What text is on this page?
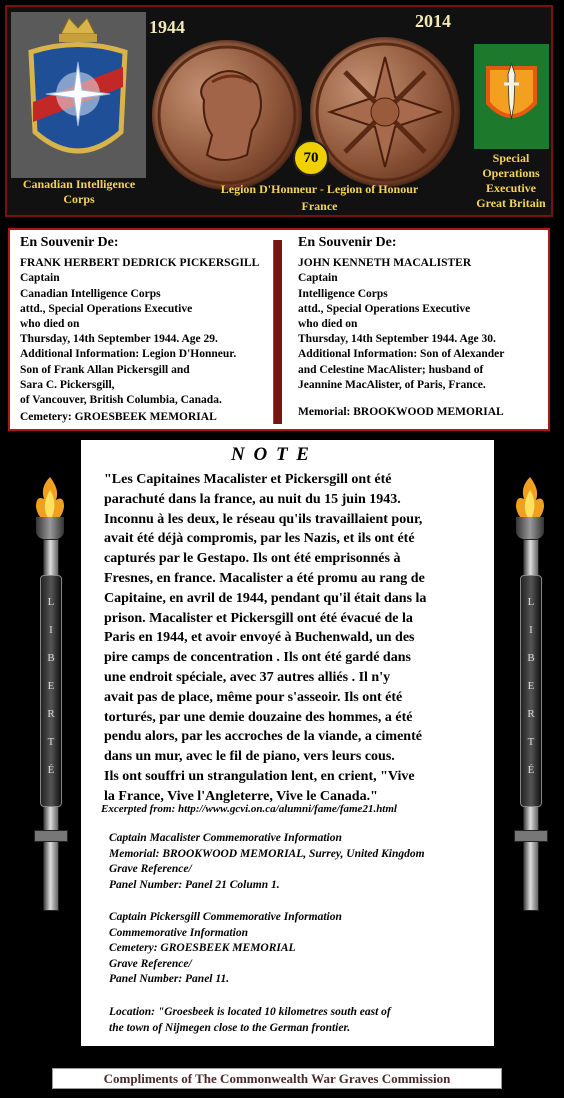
Canadian Intelligence Corps
1944	2014
70
Legion D'Honneur - Legion of Honour
France
Special
Operations
Executive
Great Britain
En Souvenir De:
FRANK HERBERT DEDRICK PICKERSGILL
Captain
Canadian Intelligence Corps
attd., Special Operations Executive
who died on
Thursday, 14th September 1944. Age 29.
Additional Information: Legion D'Honneur.
Son of Frank Allan Pickersgill and
Sara C. Pickersgill,
of Vancouver, British Columbia, Canada.
Cemetery: GROESBEEK MEMORIAL
En Souvenir De:
JOHN KENNETH MACALISTER
Captain
Intelligence Corps
attd., Special Operations Executive
who died on
Thursday, 14th September 1944. Age 30.
Additional Information: Son of Alexander
and Celestine MacAlister; husband of
Jeannine MacAlister, of Paris, France.
Memorial: BROOKWOOD MEMORIAL
L
I
B
E
R
T
É
L
I
B
E
R
T
É
N O T E
"Les Capitaines Macalister et Pickersgill ont été
parachuté dans la france, au nuit du 15 juin 1943.
Inconnu à les deux, le réseau qu'ils travaillaient pour,
avait été déjà compromis, par les Nazis, et ils ont été
capturés par le Gestapo. Ils ont été emprisonnés à
Fresnes, en france. Macalister a été promu au rang de
Capitaine, en avril de 1944, pendant qu'il était dans la
prison. Macalister et Pickersgill ont été évacué de la
Paris en 1944, et avoir envoyé à Buchenwald, un des
pire camps de concentration . Ils ont été gardé dans
une endroit spéciale, avec 37 autres alliés . Il n'y
avait pas de place, même pour s'asseoir. Ils ont été
torturés, par une demie douzaine des hommes, a été
pendu alors, par les accroches de la viande, a cimenté
dans un mur, avec le fil de piano, vers leurs cous.
Ils ont souffri un strangulation lent, en crient, "Vive
la France, Vive l'Angleterre, Vive le Canada."
Excerpted from: http://www.gcvi.on.ca/alumni/fame/fame21.html
Captain Macalister Commemorative Information
Memorial: BROOKWOOD MEMORIAL, Surrey, United Kingdom
Grave Reference/
Panel Number: Panel 21 Column 1.
Captain Pickersgill Commemorative Information
Commemorative Information
Cemetery: GROESBEEK MEMORIAL
Grave Reference/
Panel Number: Panel 11.
Location: "Groesbeek is located 10 kilometres south east of
the town of Nijmegen close to the German frontier.
Compliments of The Commonwealth War Graves Commission
